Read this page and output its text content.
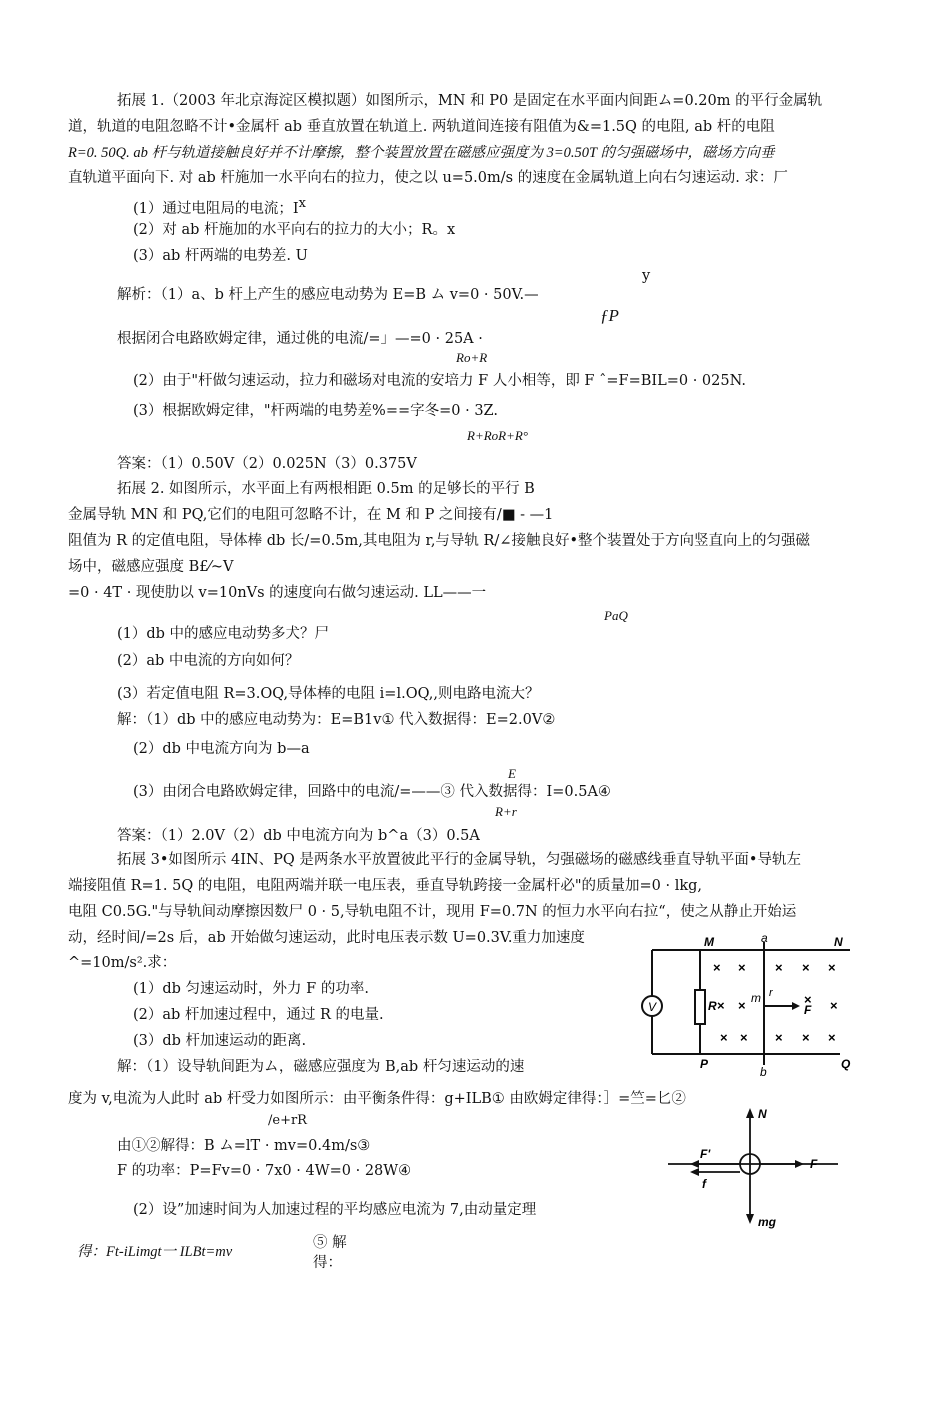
拓展 1.（2003 年北京海淀区模拟题）如图所示，MN 和 P0 是固定在水平面内间距ム=0.20m 的平行金属轨
道，轨道的电阻忽略不计•金属杆 ab 垂直放置在轨道上. 两轨道间连接有阻值为&=1.5Q 的电阻, ab 杆的电阻
R=0. 50Q. ab 杆与轨道接触良好并不计摩擦，整个装置放置在磁感应强度为 3=0.50T 的匀强磁场中，磁场方向垂
直轨道平面向下. 对 ab 杆施加一水平向右的拉力，使之以 u=5.0m/s 的速度在金属轨道上向右匀速运动. 求：厂
(1）通过电阻局的电流；$I^x$
(2）对 ab 杆施加的水平向右的拉力的大小；R。x
(3）ab 杆两端的电势差. U
y
解析：（1）a、b 杆上产生的感应电动势为 E=B ム v=0 · 50V.—
ƒP
根据闭合电路欧姆定律，通过佻的电流/=」—=0 · 25A ·
Ro+R
(2）由于"杆做匀速运动，拉力和磁场对电流的安培力 F 人小相等，即 F ˆ=F=BIL=0 · 025N.
(3）根据欧姆定律，"杆两端的电势差%==字冬=0 · 3Z.
R+RoR+R°
答案：（1）0.50V（2）0.025N（3）0.375V
拓展 2. 如图所示，水平面上有两根相距 0.5m 的足够长的平行 B
金属导轨 MN 和 PQ,它们的电阻可忽略不计，在 M 和 P 之间接有/■ - —1
阻值为 R 的定值电阻，导体棒 db 长/=0.5m,其电阻为 r,与导轨 R/∠接触良好•整个装置处于方向竖直向上的匀强磁
场中，磁感应强度 B£⁄~V
=0 · 4T · 现使肋以 v=10nVs 的速度向右做匀速运动. LL——一
PaQ
(1）db 中的感应电动势多犬？尸
(2）ab 中电流的方向如何？
(3）若定值电阻 R=3.OQ,导体棒的电阻 i=l.OQ,,则电路电流大？
解：（1）db 中的感应电动势为：E=B1v① 代入数据得：E=2.0V②
(2）db 中电流方向为 b—a
E
(3）由闭合电路欧姆定律，回路中的电流/=——③ 代入数据得：I=0.5A④
R+r
答案：（1）2.0V（2）db 中电流方向为 b^a（3）0.5A
拓展 3•如图所示 4IN、PQ 是两条水平放置彼此平行的金属导轨，匀强磁场的磁感线垂直导轨平面•导轨左
端接阻值 R=1. 5Q 的电阻，电阻两端并联一电压表，垂直导轨跨接一金属杆必"的质量加=0 · lkg,
电阻 C0.5G."与导轨间动摩擦因数尸 0 · 5,导轨电阻不计，现用 F=0.7N 的恒力水平向右拉“，使之从静止开始运
动，经时间/=2s 后，ab 开始做匀速运动，此时电压表示数 U=0.3V.重力加速度
^=10m/s².求：
(1）db 匀速运动时，外力 F 的功率.
(2）ab 杆加速过程中，通过 R 的电量.
(3）db 杆加速运动的距离.
解：（1）设导轨间距为ム，磁感应强度为 B,ab 杆匀速运动的速
度为 v,电流为人此时 ab 杆受力如图所示：由平衡条件得：g+ILB① 由欧姆定律得：］=竺=匕②
/e+rR
由①②解得：B ム=lT · mv=0.4m/s③
F 的功率：P=Fv=0 · 7x0 · 4W=0 · 28W④
(2）设”加速时间为人加速过程的平均感应电流为 7,由动量定理
得：Ft-iLimgt一 ILBt=mv
⑤ 解
得：
V
M	a	N
R
m r
F
P
b
Q
× × × × ×
× ×	× ×
× × × × ×
N
F'
F
f
mg
